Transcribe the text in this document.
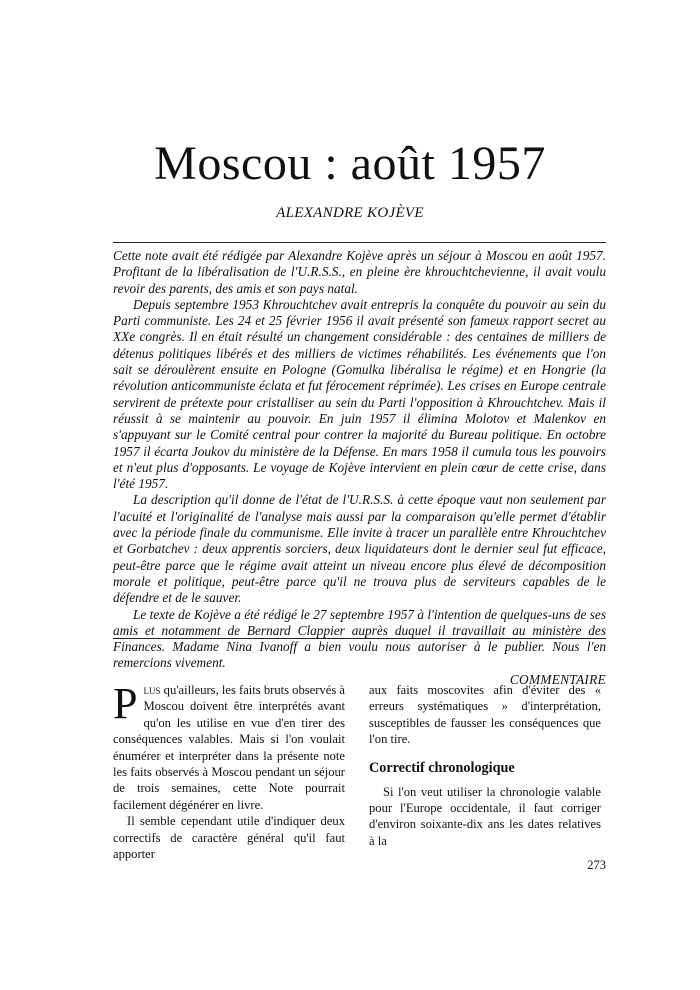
Moscou : août 1957
ALEXANDRE KOJÈVE

Cette note avait été rédigée par Alexandre Kojève après un séjour à Moscou en août 1957. Profitant de la libéralisation de l'U.R.S.S., en pleine ère khrouchtchevienne, il avait voulu revoir des parents, des amis et son pays natal.

Depuis septembre 1953 Khrouchtchev avait entrepris la conquête du pouvoir au sein du Parti communiste. Les 24 et 25 février 1956 il avait présenté son fameux rapport secret au XXe congrès. Il en était résulté un changement considérable : des centaines de milliers de détenus politiques libérés et des milliers de victimes réhabilités. Les événements que l'on sait se déroulèrent ensuite en Pologne (Gomulka libéralisa le régime) et en Hongrie (la révolution anticommuniste éclata et fut férocement réprimée). Les crises en Europe centrale servirent de prétexte pour cristalliser au sein du Parti l'opposition à Khrouchtchev. Mais il réussit à se maintenir au pouvoir. En juin 1957 il élimina Molotov et Malenkov en s'appuyant sur le Comité central pour contrer la majorité du Bureau politique. En octobre 1957 il écarta Joukov du ministère de la Défense. En mars 1958 il cumula tous les pouvoirs et n'eut plus d'opposants. Le voyage de Kojève intervient en plein cœur de cette crise, dans l'été 1957.

La description qu'il donne de l'état de l'U.R.S.S. à cette époque vaut non seulement par l'acuité et l'originalité de l'analyse mais aussi par la comparaison qu'elle permet d'établir avec la période finale du communisme. Elle invite à tracer un parallèle entre Khrouchtchev et Gorbatchev : deux apprentis sorciers, deux liquidateurs dont le dernier seul fut efficace, peut-être parce que le régime avait atteint un niveau encore plus élevé de décomposition morale et politique, peut-être parce qu'il ne trouva plus de serviteurs capables de le défendre et de le sauver.

Le texte de Kojève a été rédigé le 27 septembre 1957 à l'intention de quelques-uns de ses amis et notamment de Bernard Clappier auprès duquel il travaillait au ministère des Finances. Madame Nina Ivanoff a bien voulu nous autoriser à le publier. Nous l'en remercions vivement.

COMMENTAIRE

Plus qu'ailleurs, les faits bruts observés à Moscou doivent être interprétés avant qu'on les utilise en vue d'en tirer des conséquences valables. Mais si l'on voulait énumérer et interpréter dans la présente note les faits observés à Moscou pendant un séjour de trois semaines, cette Note pourrait facilement dégénérer en livre.

Il semble cependant utile d'indiquer deux correctifs de caractère général qu'il faut apporter

aux faits moscovites afin d'éviter des « erreurs systématiques » d'interprétation, susceptibles de fausser les conséquences que l'on tire.

Correctif chronologique

Si l'on veut utiliser la chronologie valable pour l'Europe occidentale, il faut corriger d'environ soixante-dix ans les dates relatives à la

273
